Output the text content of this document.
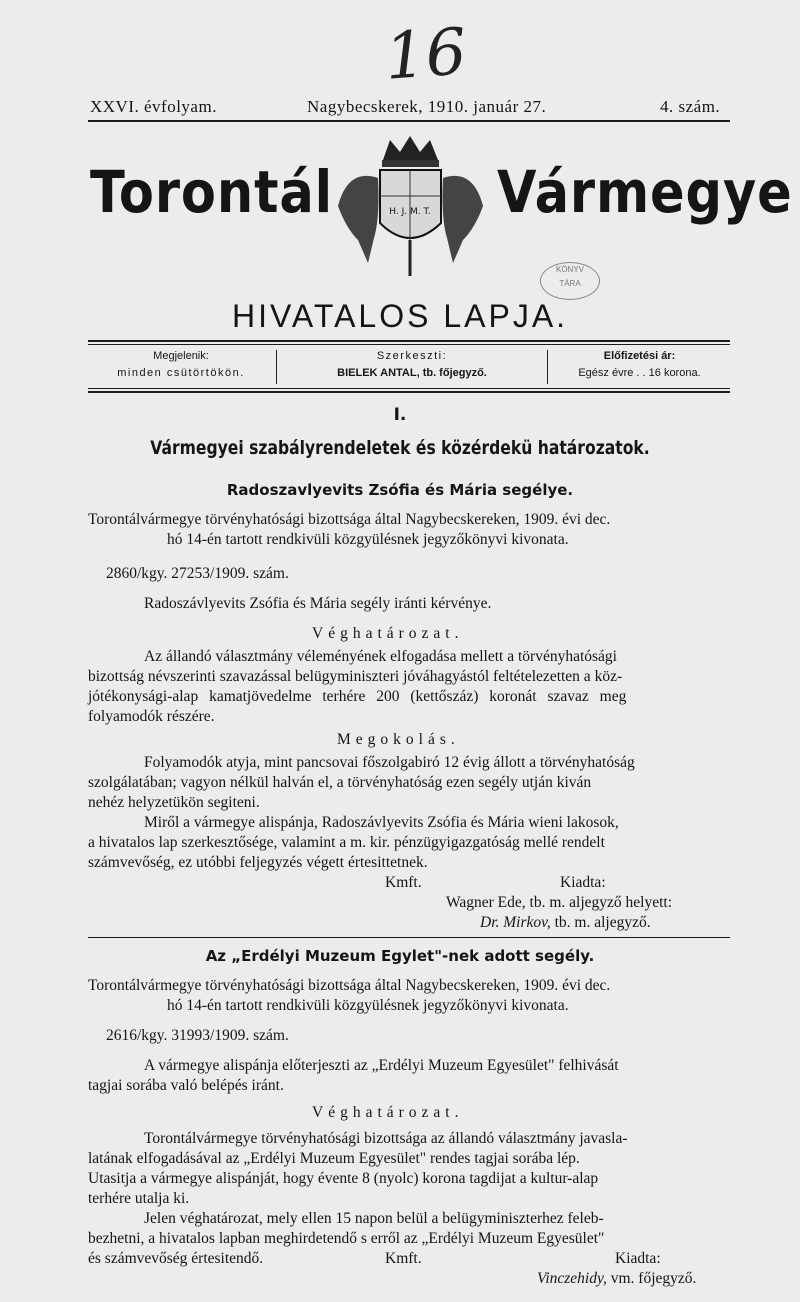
16
XXVI. évfolyam.	Nagybecskerek, 1910. január 27.	4. szám.
Torontál	Vármegye
H. J. M. T.
KÖNYV
TÁRA
HIVATALOS LAPJA.
Megjelenik:
minden csütörtökön.
Szerkeszti:
BIELEK ANTAL, tb. főjegyző.
Előfizetési ár:
Egész évre . . 16 korona.
I.
Vármegyei szabályrendeletek és közérdekü határozatok.
Radoszavlyevits Zsófia és Mária segélye.
Torontálvármegye törvényhatósági bizottsága által Nagybecskereken, 1909. évi dec.
hó 14-én tartott rendkivüli közgyülésnek jegyzőkönyvi kivonata.
2860/kgy. 27253/1909. szám.
Radoszávlyevits Zsófia és Mária segély iránti kérvénye.
Véghatározat.
Az állandó választmány véleményének elfogadása mellett a törvényhatósági
bizottság névszerinti szavazással belügyminiszteri jóváhagyástól feltételezetten a köz-
jótékonysági-alap kamatjövedelme terhére 200 (kettőszáz) koronát szavaz meg
folyamodók részére.
Megokolás.
Folyamodók atyja, mint pancsovai főszolgabiró 12 évig állott a törvényhatóság
szolgálatában; vagyon nélkül halván el, a törvényhatóság ezen segély utján kiván
nehéz helyzetükön segiteni.
Miről a vármegye alispánja, Radoszávlyevits Zsófia és Mária wieni lakosok,
a hivatalos lap szerkesztősége, valamint a m. kir. pénzügyigazgatóság mellé rendelt
számvevőség, ez utóbbi feljegyzés végett értesittetnek.
Kmft.	Kiadta:
Wagner Ede, tb. m. aljegyző helyett:
Dr. Mirkov, tb. m. aljegyző.
Az „Erdélyi Muzeum Egylet"-nek adott segély.
Torontálvármegye törvényhatósági bizottsága által Nagybecskereken, 1909. évi dec.
hó 14-én tartott rendkivüli közgyülésnek jegyzőkönyvi kivonata.
2616/kgy. 31993/1909. szám.
A vármegye alispánja előterjeszti az „Erdélyi Muzeum Egyesület" felhivását
tagjai sorába való belépés iránt.
Véghatározat.
Torontálvármegye törvényhatósági bizottsága az állandó választmány javasla-
latának elfogadásával az „Erdélyi Muzeum Egyesület" rendes tagjai sorába lép.
Utasitja a vármegye alispánját, hogy évente 8 (nyolc) korona tagdijat a kultur-alap
terhére utalja ki.
Jelen véghatározat, mely ellen 15 napon belül a belügyminiszterhez feleb-
bezhetni, a hivatalos lapban meghirdetendő s erről az „Erdélyi Muzeum Egyesület"
és számvevőség értesitendő.	Kmft.	Kiadta:
Vinczehidy, vm. főjegyző.
